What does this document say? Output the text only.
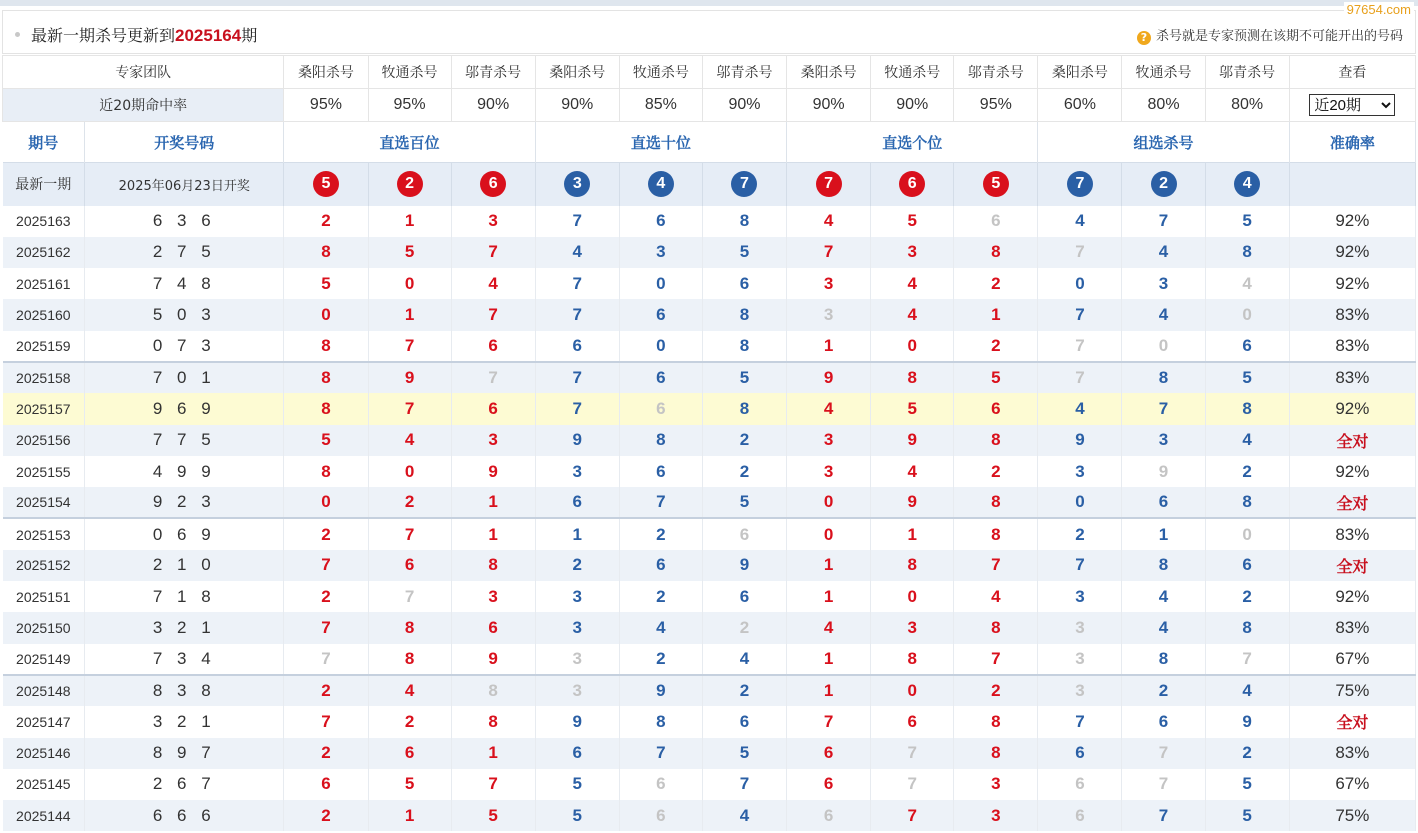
97654.com
最新一期杀号更新到2025164期	? 杀号就是专家预测在该期不可能开出的号码
专家团队		桑阳杀号	牧通杀号	邬青杀号	桑阳杀号	牧通杀号	邬青杀号	桑阳杀号	牧通杀号	邬青杀号	桑阳杀号	牧通杀号	邬青杀号	查看
近20期命中率		95%	95%	90%	90%	85%	90%	90%	90%	95%	60%	80%	80%	
近20期
期号	开奖号码	直选百位			直选十位			直选个位			组选杀号			准确率
最新一期	2025年06月23日开奖	5	2	6	3	4	7	7	6	5	7	2	4	
2025163	6 3 6	2	1	3	7	6	8	4	5	6	4	7	5	92%
2025162	2 7 5	8	5	7	4	3	5	7	3	8	7	4	8	92%
2025161	7 4 8	5	0	4	7	0	6	3	4	2	0	3	4	92%
2025160	5 0 3	0	1	7	7	6	8	3	4	1	7	4	0	83%
2025159	0 7 3	8	7	6	6	0	8	1	0	2	7	0	6	83%
2025158	7 0 1	8	9	7	7	6	5	9	8	5	7	8	5	83%
2025157	9 6 9	8	7	6	7	6	8	4	5	6	4	7	8	92%
2025156	7 7 5	5	4	3	9	8	2	3	9	8	9	3	4	全对
2025155	4 9 9	8	0	9	3	6	2	3	4	2	3	9	2	92%
2025154	9 2 3	0	2	1	6	7	5	0	9	8	0	6	8	全对
2025153	0 6 9	2	7	1	1	2	6	0	1	8	2	1	0	83%
2025152	2 1 0	7	6	8	2	6	9	1	8	7	7	8	6	全对
2025151	7 1 8	2	7	3	3	2	6	1	0	4	3	4	2	92%
2025150	3 2 1	7	8	6	3	4	2	4	3	8	3	4	8	83%
2025149	7 3 4	7	8	9	3	2	4	1	8	7	3	8	7	67%
2025148	8 3 8	2	4	8	3	9	2	1	0	2	3	2	4	75%
2025147	3 2 1	7	2	8	9	8	6	7	6	8	7	6	9	全对
2025146	8 9 7	2	6	1	6	7	5	6	7	8	6	7	2	83%
2025145	2 6 7	6	5	7	5	6	7	6	7	3	6	7	5	67%
2025144	6 6 6	2	1	5	5	6	4	6	7	3	6	7	5	75%
